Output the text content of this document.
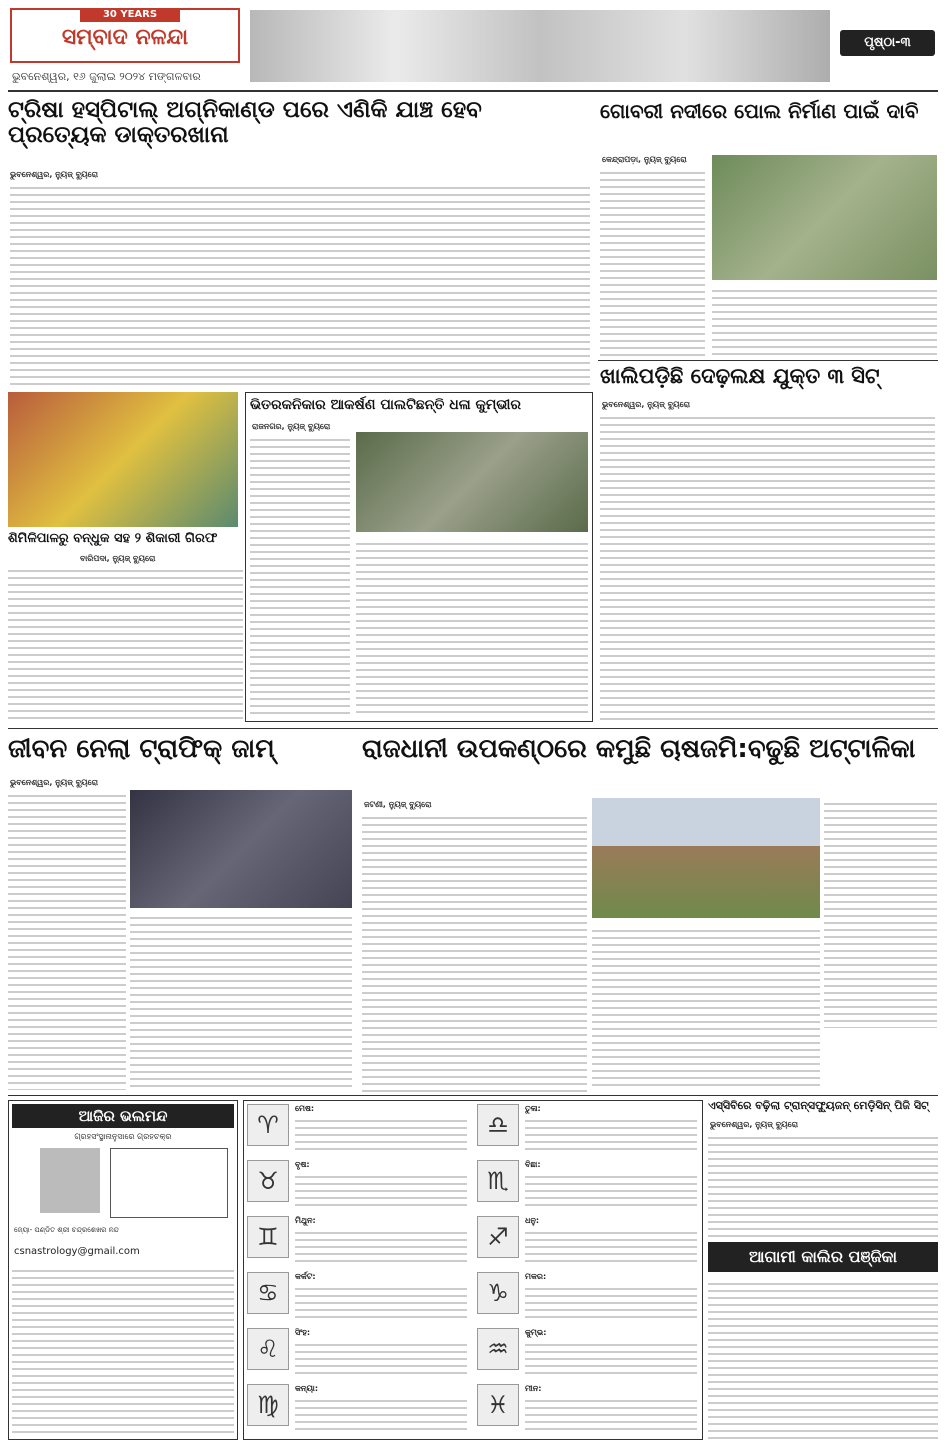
30 YEARS
ସମ୍ବାଦ ନଳନ୍ଦା
ଭୁବନେଶ୍ୱର, ୧୬ ଜୁଲାଇ ୨୦୨୪ ମଙ୍ଗଳବାର
ପୃଷ୍ଠା-୩
ଟ୍ରିଷା ହସ୍ପିଟାଲ୍ ଅଗ୍ନିକାଣ୍ଡ ପରେ ଏଣିକି ଯାଞ୍ଚ ହେବ ପ୍ରତ୍ୟେକ ଡାକ୍ତରଖାନା
ଭୁବନେଶ୍ୱର, ନ୍ୟୁଜ୍ ବ୍ୟୁରୋ
ଗୋବରୀ ନଦୀରେ ପୋଲ ନିର୍ମାଣ ପାଇଁ ଦାବି
କେନ୍ଦ୍ରାପଡ଼ା, ନ୍ୟୁଜ୍ ବ୍ୟୁରୋ
ଖାଲିପଡ଼ିଛି ଦେଢ଼ଲକ୍ଷ ଯୁକ୍ତ ୩ ସିଟ୍
ଭୁବନେଶ୍ୱର, ନ୍ୟୁଜ୍ ବ୍ୟୁରୋ
ଶିମିଳିପାଳରୁ ବନ୍ଧୁକ ସହ ୨ ଶିକାରୀ ଗିରଫ
ବାରିପଦା, ନ୍ୟୁଜ୍ ବ୍ୟୁରୋ
ଭିତରକନିକାର ଆକର୍ଷଣ ପାଲଟିଛନ୍ତି ଧଳା କୁମ୍ଭୀର
ରାଜନଗର, ନ୍ୟୁଜ୍ ବ୍ୟୁରୋ
ଜୀବନ ନେଲା ଟ୍ରାଫିକ୍ ଜାମ୍
ଭୁବନେଶ୍ୱର, ନ୍ୟୁଜ୍ ବ୍ୟୁରୋ
ରାଜଧାନୀ ଉପକଣ୍ଠରେ କମୁଛି ଚାଷଜମି:ବଢୁଛି ଅଟ୍ଟାଳିକା
ଜଟଣୀ, ନ୍ୟୁଜ୍ ବ୍ୟୁରୋ
ଆଜିର ଭଲମନ୍ଦ
ଗ୍ରହସଂସ୍ଥାନାନୁସାରେ ଗ୍ରହଚକ୍ର
ଜ୍ୟୋ- ପଣ୍ଡିତ ଶ୍ରୀ ଚନ୍ଦ୍ରଶେଖର ନନ୍ଦ
csnastrology@gmail.com
♈
ମେଷ:
♉
ବୃଷ:
♊
ମିଥୁନ:
♋
କର୍କଟ:
♌
ସିଂହ:
♍
କନ୍ୟା:
♎
ତୁଳା:
♏
ବିଛା:
♐
ଧନୁ:
♑
ମକର:
♒
କୁମ୍ଭ:
♓
ମୀନ:
ଏସ୍‌ସିବିରେ ବଢ଼ିଲା ଟ୍ରାନ୍ସଫ୍ୟୁଜନ୍ ମେଡ଼ିସିନ୍ ପିଜି ସିଟ୍
ଭୁବନେଶ୍ୱର, ନ୍ୟୁଜ୍ ବ୍ୟୁରୋ
ଆଗାମୀ କାଲିର ପଞ୍ଜିକା
